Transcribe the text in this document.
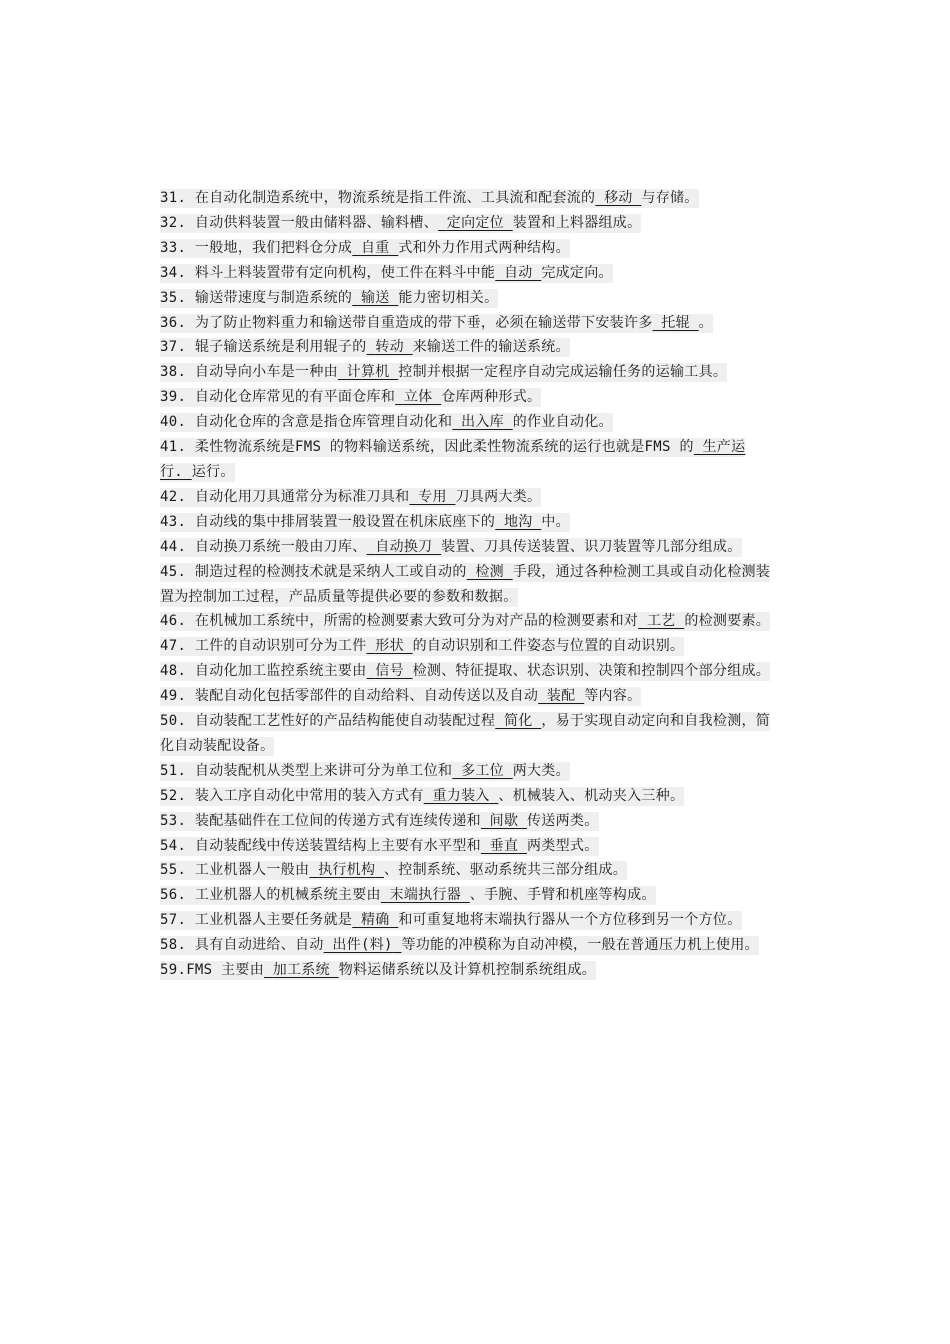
31. 在自动化制造系统中，物流系统是指工件流、工具流和配套流的 移动 与存储。

32. 自动供料装置一般由储料器、输料槽、 定向定位 装置和上料器组成。

33. 一般地，我们把料仓分成 自重 式和外力作用式两种结构。

34. 料斗上料装置带有定向机构，使工件在料斗中能 自动 完成定向。

35. 输送带速度与制造系统的 输送 能力密切相关。

36. 为了防止物料重力和输送带自重造成的带下垂，必须在输送带下安装许多 托辊 。

37. 辊子输送系统是利用辊子的 转动 来输送工件的输送系统。

38. 自动导向小车是一种由 计算机 控制并根据一定程序自动完成运输任务的运输工具。

39. 自动化仓库常见的有平面仓库和 立体 仓库两种形式。

40. 自动化仓库的含意是指仓库管理自动化和 出入库 的作业自动化。

41. 柔性物流系统是FMS 的物料输送系统，因此柔性物流系统的运行也就是FMS 的 生产运行. 运行。

42. 自动化用刀具通常分为标准刀具和 专用 刀具两大类。

43. 自动线的集中排屑装置一般设置在机床底座下的 地沟 中。

44. 自动换刀系统一般由刀库、 自动换刀 装置、刀具传送装置、识刀装置等几部分组成。

45. 制造过程的检测技术就是采纳人工或自动的 检测 手段，通过各种检测工具或自动化检测装置为控制加工过程，产品质量等提供必要的参数和数据。

46. 在机械加工系统中，所需的检测要素大致可分为对产品的检测要素和对 工艺 的检测要素。

47. 工件的自动识别可分为工件 形状 的自动识别和工件姿态与位置的自动识别。

48. 自动化加工监控系统主要由 信号 检测、特征提取、状态识别、决策和控制四个部分组成。

49. 装配自动化包括零部件的自动给料、自动传送以及自动 装配 等内容。

50. 自动装配工艺性好的产品结构能使自动装配过程 简化 ，易于实现自动定向和自我检测，简化自动装配设备。

51. 自动装配机从类型上来讲可分为单工位和 多工位 两大类。

52. 装入工序自动化中常用的装入方式有 重力装入 、机械装入、机动夹入三种。

53. 装配基础件在工位间的传递方式有连续传递和 间歇 传送两类。

54. 自动装配线中传送装置结构上主要有水平型和 垂直 两类型式。

55. 工业机器人一般由 执行机构 、控制系统、驱动系统共三部分组成。

56. 工业机器人的机械系统主要由 末端执行器 、手腕、手臂和机座等构成。

57. 工业机器人主要任务就是 精确 和可重复地将末端执行器从一个方位移到另一个方位。

58. 具有自动进给、自动 出件(料) 等功能的冲模称为自动冲模，一般在普通压力机上使用。

59.FMS 主要由 加工系统 物料运储系统以及计算机控制系统组成。
